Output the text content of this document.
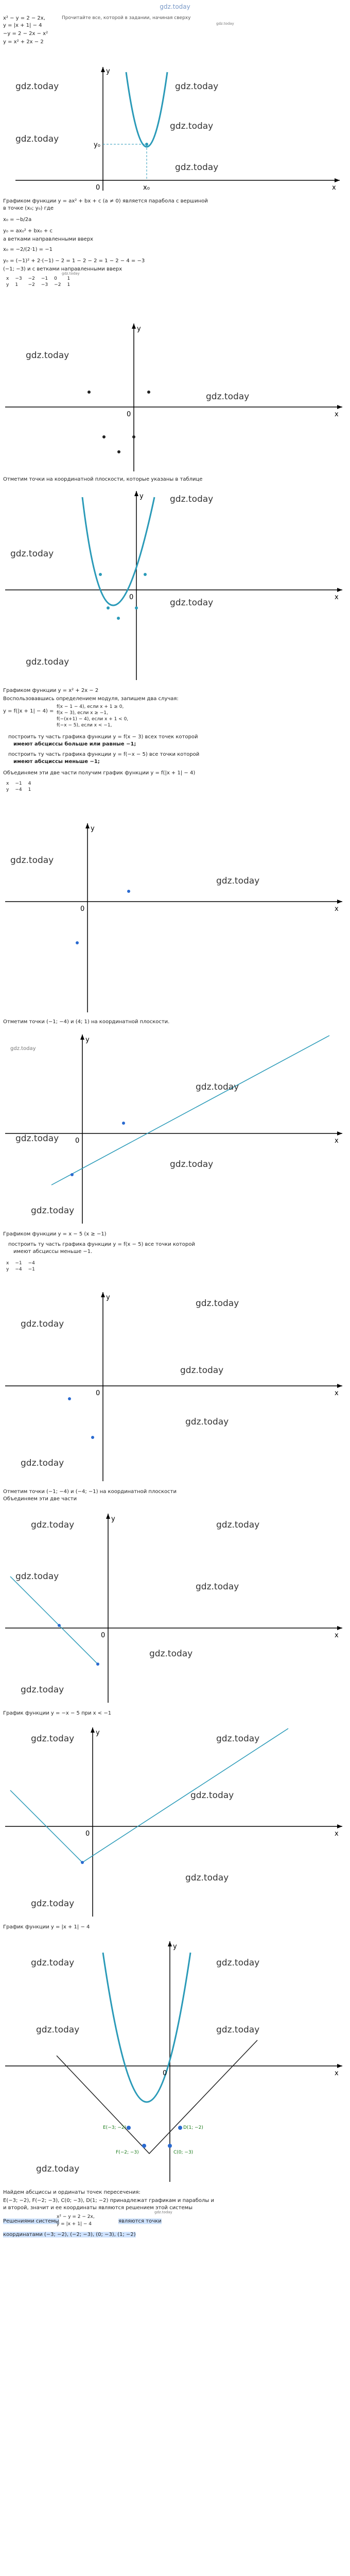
gdz.today
x² − y = 2 − 2x,
y = |x + 1| − 4
−y = 2 − 2x − x²
y = x² + 2x − 2
Прочитайте все, которой в задании, начиная сверху
gdz.today
y
x
y₀
x₀
0
gdz.today	gdz.today
gdz.today
gdz.today
gdz.today
Графиком функции y = ax² + bx + c (a ≠ 0) является парабола с вершиной
в точке (x₀; y₀) где
x₀ = −b/2a
y₀ = ax₀² + bx₀ + c
a ветками направленными вверх
x₀ = −2/(2·1) = −1
y₀ = (−1)² + 2·(−1) − 2 = 1 − 2 − 2 = 1 − 2 − 4 = −3
(−1; −3) и с ветками направленными вверх
x	−3	−2	−1	0	1
y	1	−2	−3	−2	1
gdz.today
y
x
0
gdz.today
gdz.today
Отметим точки на координатной плоскости, которые указаны в таблице
y
x
0
gdz.today
gdz.today
gdz.today
gdz.today
Графиком функции y = x² + 2x − 2
Воспользовавшись определением модуля, запишем два случая:
y = f(|x + 1| − 4) =
f(x − 1 − 4), если x + 1 ≥ 0,
f(x − 3), если x ≥ −1,
f(−(x+1) − 4), если x + 1 < 0,
f(−x − 5), если x < −1,
построить ту часть графика функции y = f(x − 3) всех точек которой
имеют абсциссы больше или равные −1;
построить ту часть графика функции y = f(−x − 5) все точки которой
имеют абсциссы меньше −1;
Объединяем эти две части получим график функции y = f(|x + 1| − 4)
x	−1	4
y	−4	1
y
x
0
gdz.today
gdz.today
Отметим точки (−1; −4) и (4; 1) на координатной плоскости.
y
x
0
gdz.today
gdz.today
gdz.today
gdz.today
gdz.today
Графиком функции y = x − 5 (x ≥ −1)
построить ту часть графика функции y = f(x − 5) все точки которой
имеют абсциссы меньше −1.
x	−1	−4
y	−4	−1
y
x
0
gdz.today
gdz.today
gdz.today
gdz.today
gdz.today
Отметим точки (−1; −4) и (−4; −1) на координатной плоскости
Объединяем эти две части
y
x
0
gdz.today	gdz.today
gdz.today
gdz.today
gdz.today
gdz.today
График функции y = −x − 5 при x < −1
y
x
0
gdz.today	gdz.today
gdz.today
gdz.today
gdz.today
График функции y = |x + 1| − 4
E(−3; −2)
F(−2; −3)	C(0; −3)
D(1; −2)
y
x
0
gdz.today	gdz.today
gdz.today	gdz.today
gdz.today
Найдем абсциссы и ординаты точек пересечения:
E(−3; −2), F(−2; −3), C(0; −3), D(1; −2) принадлежат графикам и параболы и
и второй, значит и ее координаты являются решением этой системы
Решениями системы
x² − y = 2 − 2x,
y = |x + 1| − 4	являются точки
координатами (−3; −2), (−2; −3), (0; −3), (1; −2)
gdz.today
